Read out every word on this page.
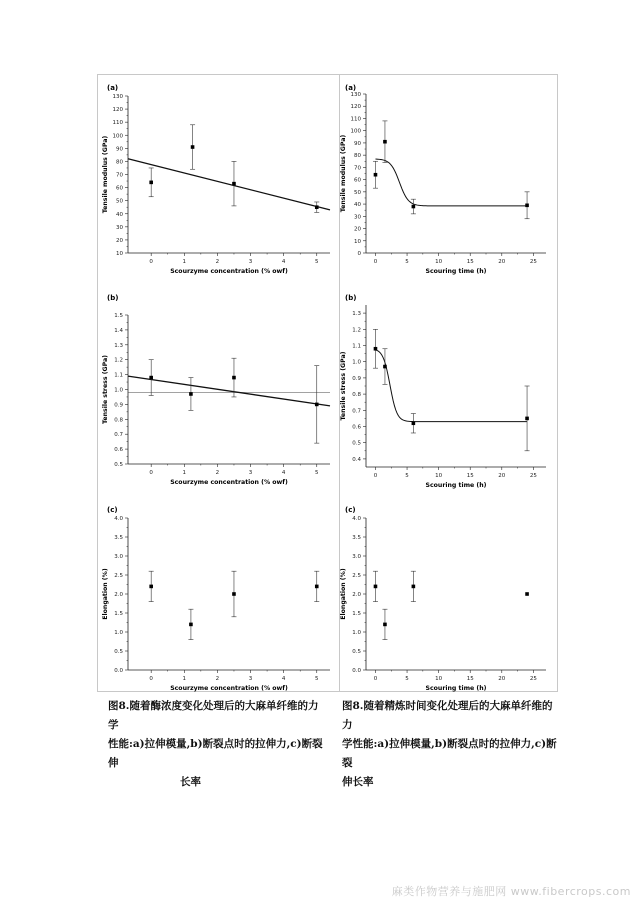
(a)
10
20
30
40
50
60
70
80
90
100
110
120
130
0	1	2	3	4	5
Scourzyme concentration (% owf)
Tensile modulus (GPa)
(a)
0
10
20
30
40
50
60
70
80
90
100
110
120
130
0	5	10	15	20	25
Scouring time (h)
Tensile modulus (GPa)
(b)
0.5
0.6
0.7
0.8
0.9
1.0
1.1
1.2
1.3
1.4
1.5
0	1	2	3	4	5
Scourzyme concentration (% owf)
Tensile stress (GPa)
(b)
0.4
0.5
0.6
0.7
0.8
0.9
1.0
1.1
1.2
1.3
0	5	10	15	20	25
Scouring time (h)
Tensile stress (GPa)
(c)
0.0
0.5
1.0
1.5
2.0
2.5
3.0
3.5
4.0
0	1	2	3	4	5
Scourzyme concentration (% owf)
Elongation (%)
(c)
0.0
0.5
1.0
1.5
2.0
2.5
3.0
3.5
4.0
0	5	10	15	20	25
Scouring time (h)
Elongation (%)
图8.随着酶浓度变化处理后的大麻单纤维的力学
性能:a)拉伸模量,b)断裂点时的拉伸力,c)断裂伸
长率
图8.随着精炼时间变化处理后的大麻单纤维的力
学性能:a)拉伸模量,b)断裂点时的拉伸力,c)断裂
伸长率
麻类作物营养与施肥网 www.fibercrops.com
